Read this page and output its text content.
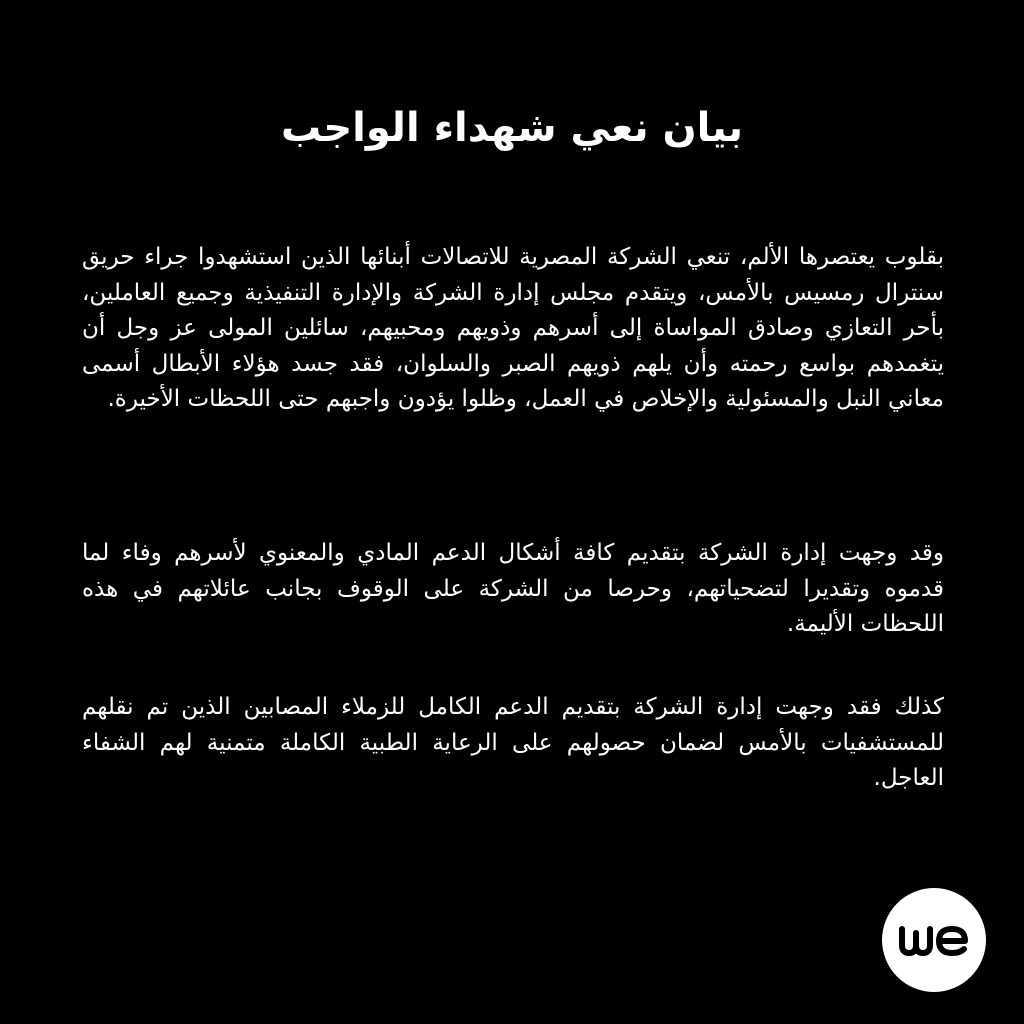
بيان نعي شهداء الواجب

بقلوب يعتصرها الألم، تنعي الشركة المصرية للاتصالات أبنائها الذين استشهدوا جراء حريق سنترال رمسيس بالأمس، ويتقدم مجلس إدارة الشركة والإدارة التنفيذية وجميع العاملين، بأحر التعازي وصادق المواساة إلى أسرهم وذويهم ومحبيهم، سائلين المولى عز وجل أن يتغمدهم بواسع رحمته وأن يلهم ذويهم الصبر والسلوان، فقد جسد هؤلاء الأبطال أسمى معاني النبل والمسئولية والإخلاص في العمل، وظلوا يؤدون واجبهم حتى اللحظات الأخيرة.

وقد وجهت إدارة الشركة بتقديم كافة أشكال الدعم المادي والمعنوي لأسرهم وفاء لما قدموه وتقديرا لتضحياتهم، وحرصا من الشركة على الوقوف بجانب عائلاتهم في هذه اللحظات الأليمة.

كذلك فقد وجهت إدارة الشركة بتقديم الدعم الكامل للزملاء المصابين الذين تم نقلهم للمستشفيات بالأمس لضمان حصولهم على الرعاية الطبية الكاملة متمنية لهم الشفاء العاجل.
